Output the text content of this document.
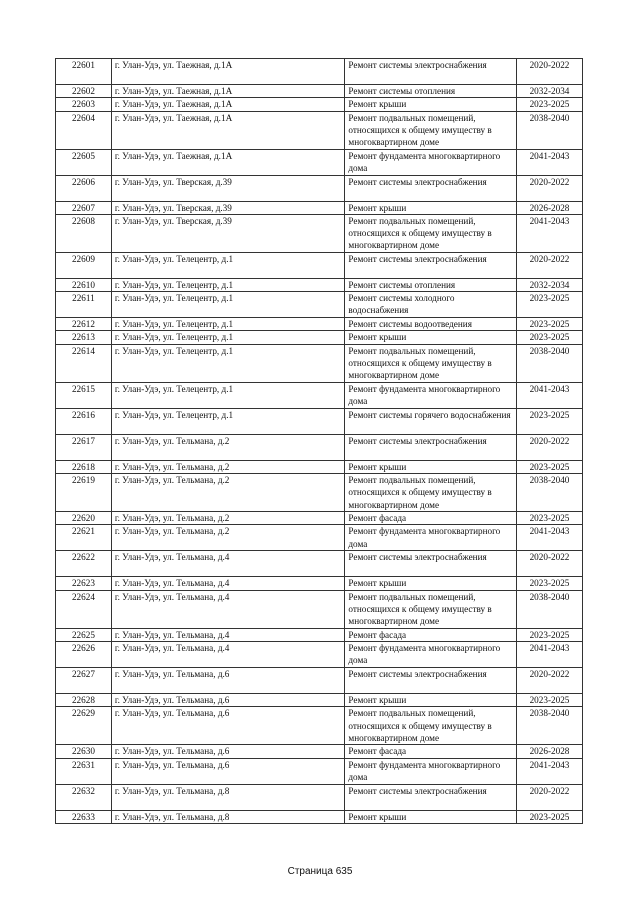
22601	г. Улан-Удэ, ул. Таежная, д.1А	Ремонт системы электроснабжения	2020-2022
22602	г. Улан-Удэ, ул. Таежная, д.1А	Ремонт системы отопления	2032-2034
22603	г. Улан-Удэ, ул. Таежная, д.1А	Ремонт крыши	2023-2025
22604	г. Улан-Удэ, ул. Таежная, д.1А	Ремонт подвальных помещений, относящихся к общему имуществу в многоквартирном доме	2038-2040
22605	г. Улан-Удэ, ул. Таежная, д.1А	Ремонт фундамента многоквартирного дома	2041-2043
22606	г. Улан-Удэ, ул. Тверская, д.39	Ремонт системы электроснабжения	2020-2022
22607	г. Улан-Удэ, ул. Тверская, д.39	Ремонт крыши	2026-2028
22608	г. Улан-Удэ, ул. Тверская, д.39	Ремонт подвальных помещений, относящихся к общему имуществу в многоквартирном доме	2041-2043
22609	г. Улан-Удэ, ул. Телецентр, д.1	Ремонт системы электроснабжения	2020-2022
22610	г. Улан-Удэ, ул. Телецентр, д.1	Ремонт системы отопления	2032-2034
22611	г. Улан-Удэ, ул. Телецентр, д.1	Ремонт системы холодного водоснабжения	2023-2025
22612	г. Улан-Удэ, ул. Телецентр, д.1	Ремонт системы водоотведения	2023-2025
22613	г. Улан-Удэ, ул. Телецентр, д.1	Ремонт крыши	2023-2025
22614	г. Улан-Удэ, ул. Телецентр, д.1	Ремонт подвальных помещений, относящихся к общему имуществу в многоквартирном доме	2038-2040
22615	г. Улан-Удэ, ул. Телецентр, д.1	Ремонт фундамента многоквартирного дома	2041-2043
22616	г. Улан-Удэ, ул. Телецентр, д.1	Ремонт системы горячего водоснабжения	2023-2025
22617	г. Улан-Удэ, ул. Тельмана, д.2	Ремонт системы электроснабжения	2020-2022
22618	г. Улан-Удэ, ул. Тельмана, д.2	Ремонт крыши	2023-2025
22619	г. Улан-Удэ, ул. Тельмана, д.2	Ремонт подвальных помещений, относящихся к общему имуществу в многоквартирном доме	2038-2040
22620	г. Улан-Удэ, ул. Тельмана, д.2	Ремонт фасада	2023-2025
22621	г. Улан-Удэ, ул. Тельмана, д.2	Ремонт фундамента многоквартирного дома	2041-2043
22622	г. Улан-Удэ, ул. Тельмана, д.4	Ремонт системы электроснабжения	2020-2022
22623	г. Улан-Удэ, ул. Тельмана, д.4	Ремонт крыши	2023-2025
22624	г. Улан-Удэ, ул. Тельмана, д.4	Ремонт подвальных помещений, относящихся к общему имуществу в многоквартирном доме	2038-2040
22625	г. Улан-Удэ, ул. Тельмана, д.4	Ремонт фасада	2023-2025
22626	г. Улан-Удэ, ул. Тельмана, д.4	Ремонт фундамента многоквартирного дома	2041-2043
22627	г. Улан-Удэ, ул. Тельмана, д.6	Ремонт системы электроснабжения	2020-2022
22628	г. Улан-Удэ, ул. Тельмана, д.6	Ремонт крыши	2023-2025
22629	г. Улан-Удэ, ул. Тельмана, д.6	Ремонт подвальных помещений, относящихся к общему имуществу в многоквартирном доме	2038-2040
22630	г. Улан-Удэ, ул. Тельмана, д.6	Ремонт фасада	2026-2028
22631	г. Улан-Удэ, ул. Тельмана, д.6	Ремонт фундамента многоквартирного дома	2041-2043
22632	г. Улан-Удэ, ул. Тельмана, д.8	Ремонт системы электроснабжения	2020-2022
22633	г. Улан-Удэ, ул. Тельмана, д.8	Ремонт крыши	2023-2025
Страница 635
